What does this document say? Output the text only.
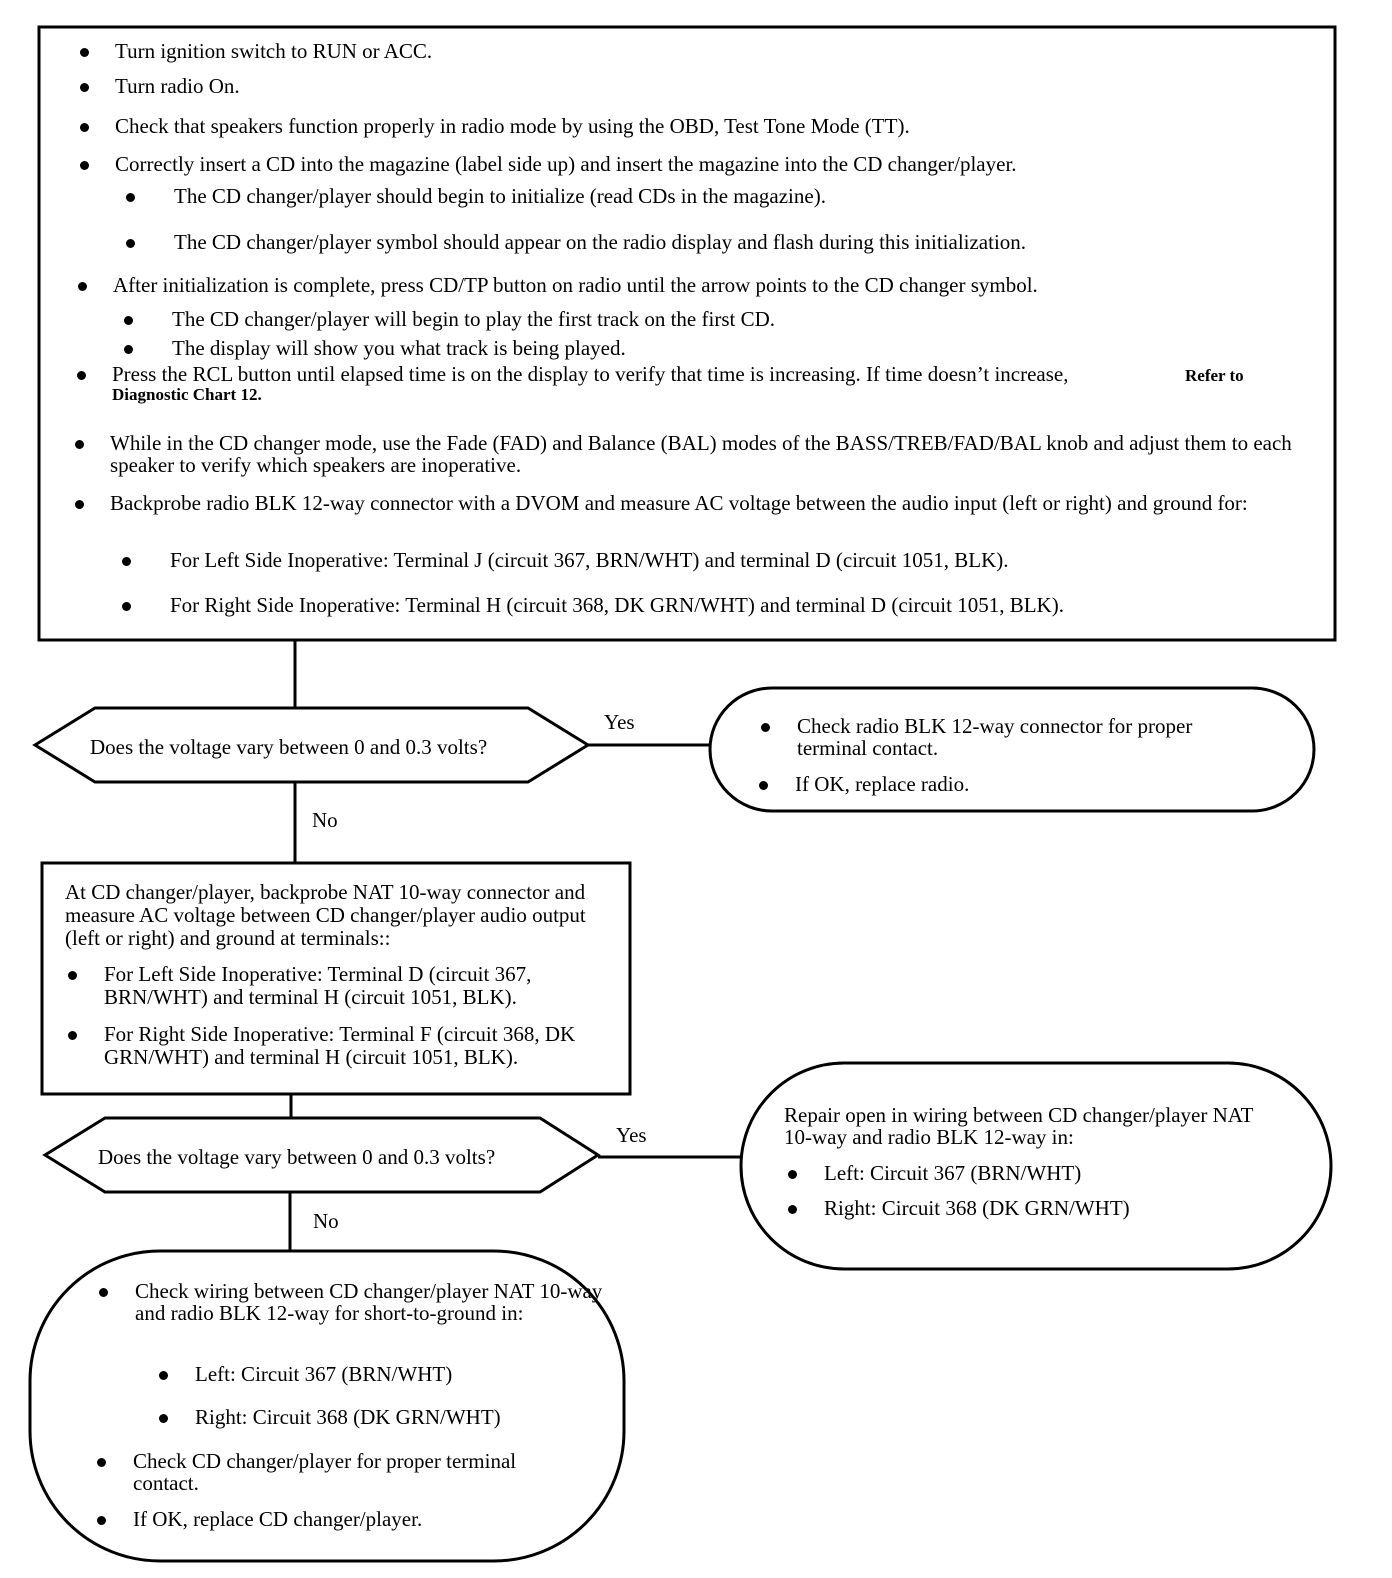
Turn ignition switch to RUN or ACC.
Turn radio On.
Check that speakers function properly in radio mode by using the OBD, Test Tone Mode (TT).
Correctly insert a CD into the magazine (label side up) and insert the magazine into the CD changer/player.
The CD changer/player should begin to initialize (read CDs in the magazine).
The CD changer/player symbol should appear on the radio display and flash during this initialization.
After initialization is complete, press CD/TP button on radio until the arrow points to the CD changer symbol.
The CD changer/player will begin to play the first track on the first CD.
The display will show you what track is being played.
Press the RCL button until elapsed time is on the display to verify that time is increasing. If time doesn’t increase,	Refer to
Diagnostic Chart 12.
While in the CD changer mode, use the Fade (FAD) and Balance (BAL) modes of the BASS/TREB/FAD/BAL knob and adjust them to each speaker to verify which speakers are inoperative.
Backprobe radio BLK 12-way connector with a DVOM and measure AC voltage between the audio input (left or right) and ground for:
For Left Side Inoperative: Terminal J (circuit 367, BRN/WHT) and terminal D (circuit 1051, BLK).
For Right Side Inoperative: Terminal H (circuit 368, DK GRN/WHT) and terminal D (circuit 1051, BLK).
Does the voltage vary between 0 and 0.3 volts?
Yes
No
Check radio BLK 12-way connector for proper terminal contact.
If OK, replace radio.
At CD changer/player, backprobe NAT 10-way connector and measure AC voltage between CD changer/player audio output (left or right) and ground at terminals::
For Left Side Inoperative: Terminal D (circuit 367, BRN/WHT) and terminal H (circuit 1051, BLK).
For Right Side Inoperative: Terminal F (circuit 368, DK GRN/WHT) and terminal H (circuit 1051, BLK).
Does the voltage vary between 0 and 0.3 volts?
Yes
No
Repair open in wiring between CD changer/player NAT 10-way and radio BLK 12-way in:
Left: Circuit 367 (BRN/WHT)
Right: Circuit 368 (DK GRN/WHT)
Check wiring between CD changer/player NAT 10-way and radio BLK 12-way for short-to-ground in:
Left: Circuit 367 (BRN/WHT)
Right: Circuit 368 (DK GRN/WHT)
Check CD changer/player for proper terminal contact.
If OK, replace CD changer/player.
